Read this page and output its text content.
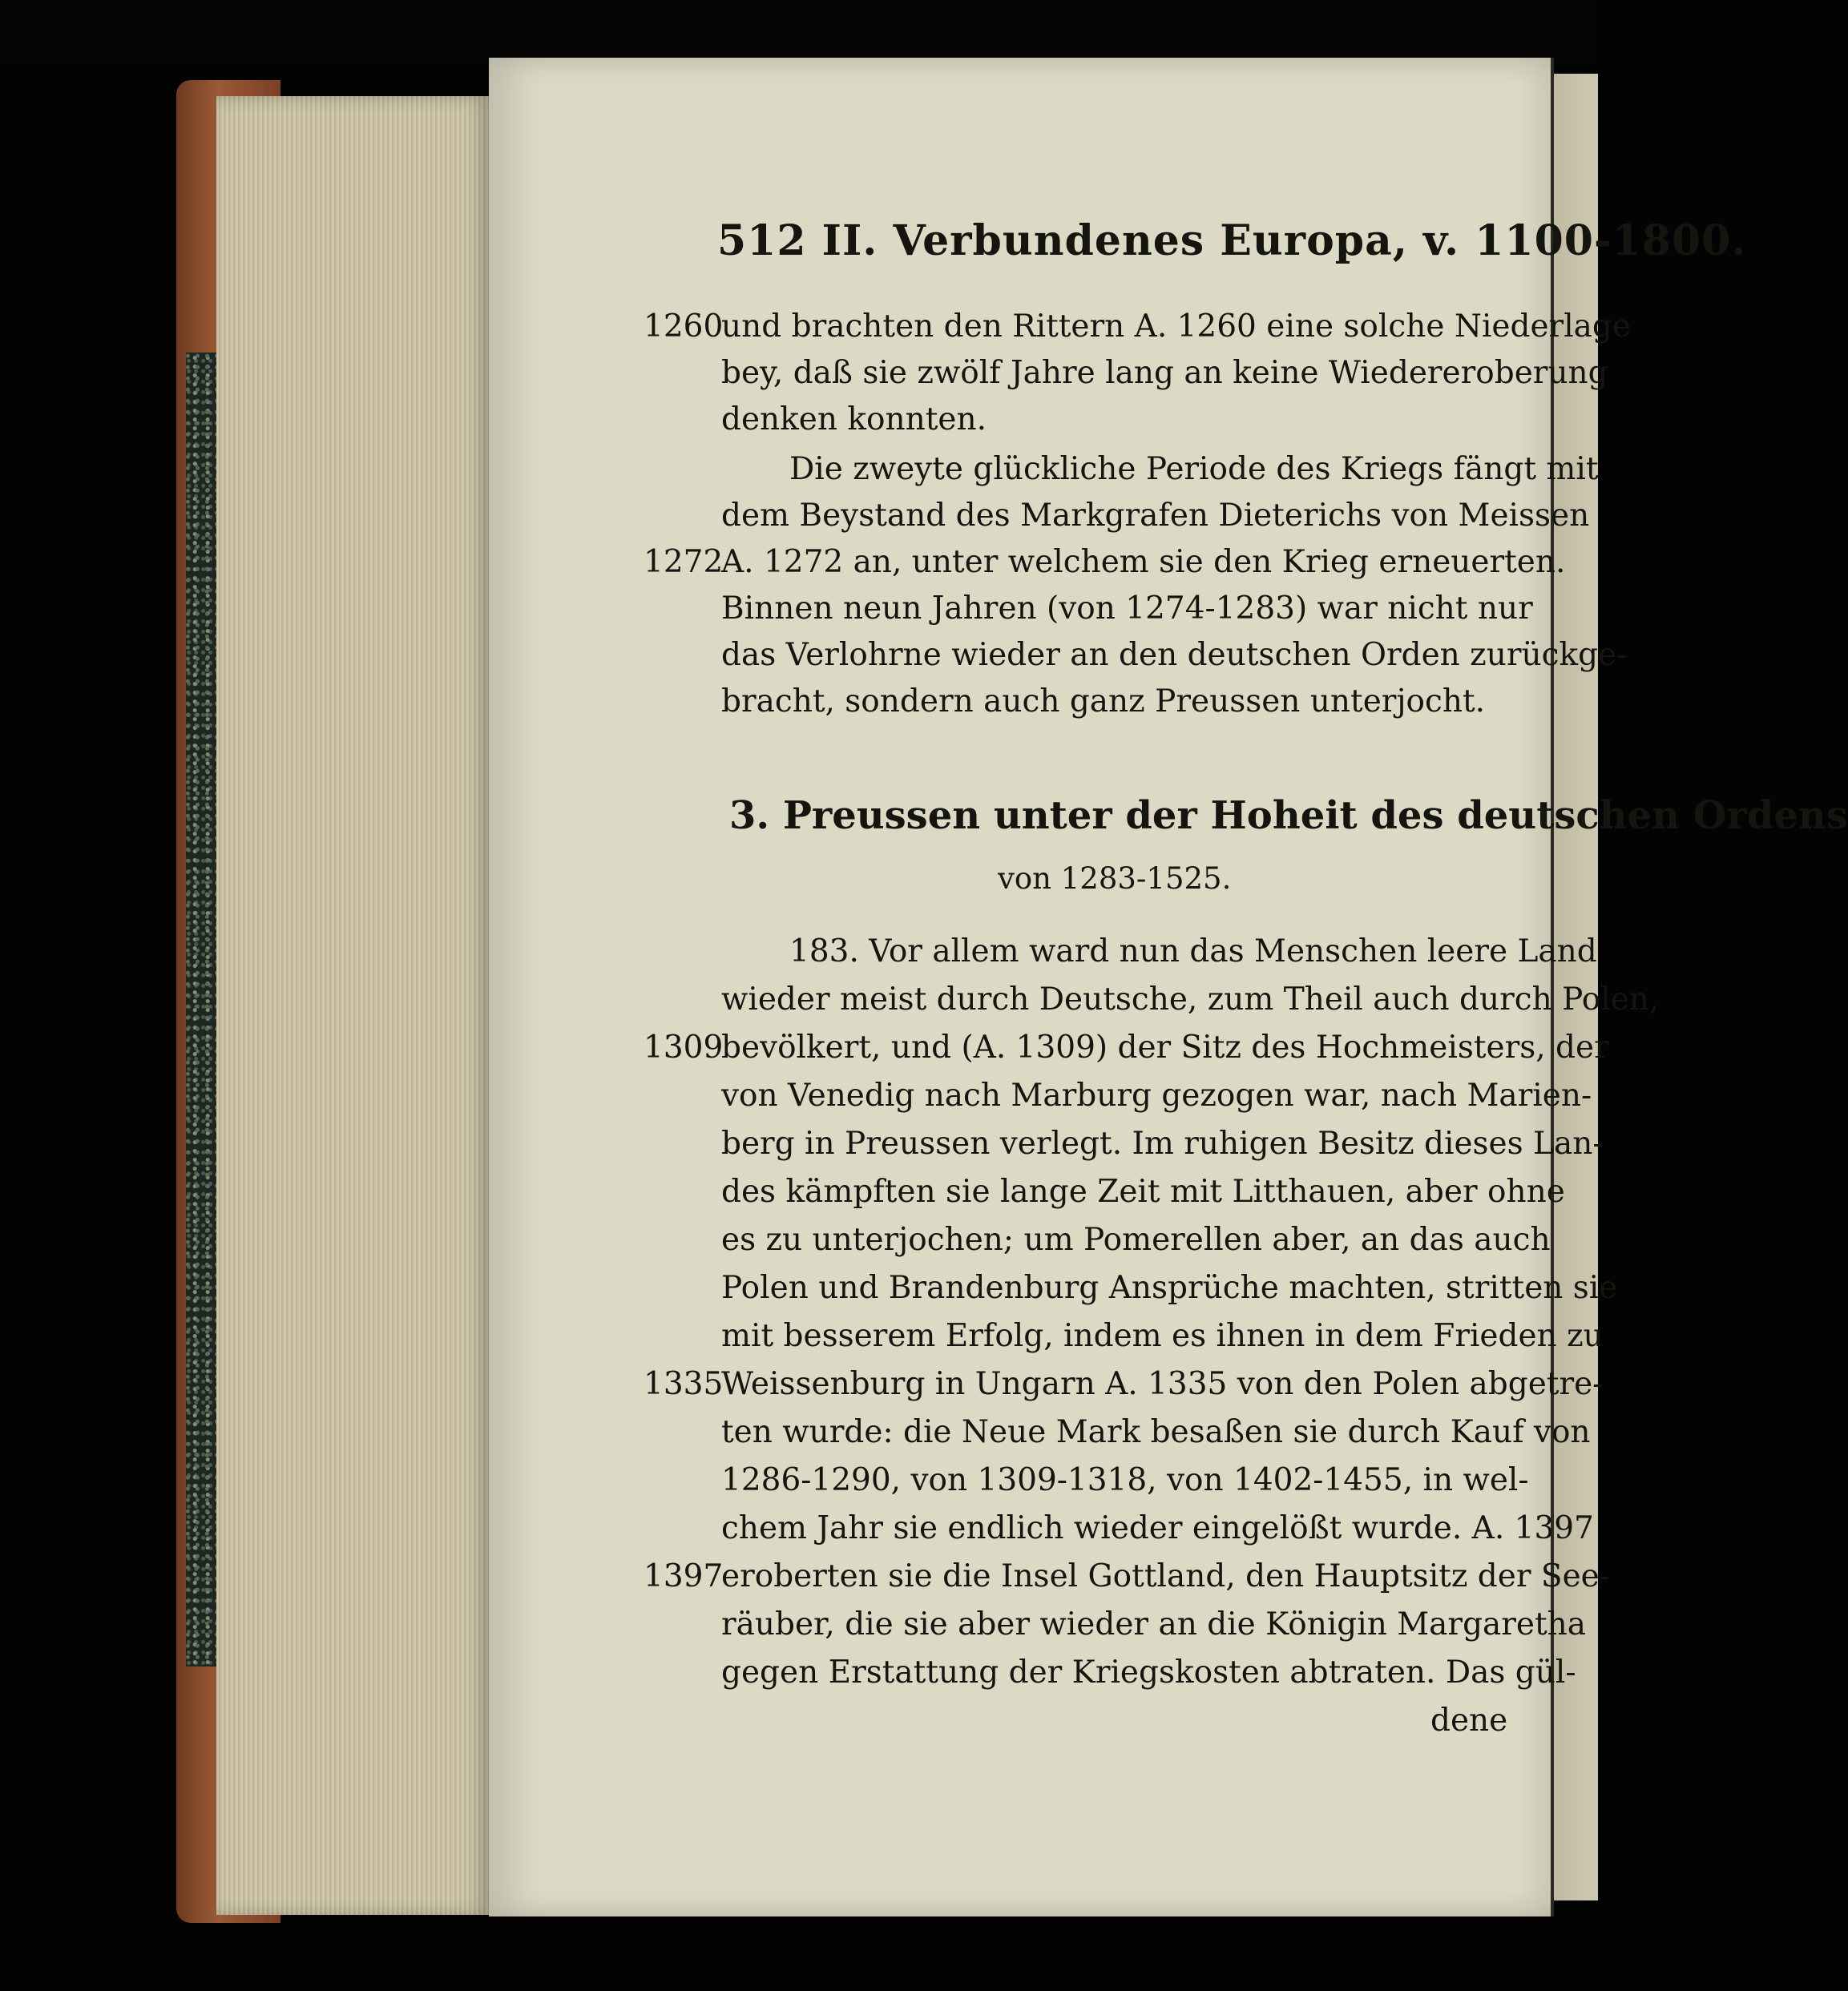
512 II. Verbundenes Europa, v. 1100-1800.
1260
und brachten den Rittern A. 1260 eine solche Niederlage
bey, daß sie zwölf Jahre lang an keine Wiedereroberung
denken konnten.
Die zweyte glückliche Periode des Kriegs fängt mit
dem Beystand des Markgrafen Dieterichs von Meissen
1272
A. 1272 an, unter welchem sie den Krieg erneuerten.
Binnen neun Jahren (von 1274-1283) war nicht nur
das Verlohrne wieder an den deutschen Orden zurückge-
bracht, sondern auch ganz Preussen unterjocht.
3. Preussen unter der Hoheit des deutschen Ordens
von 1283-1525.
183. Vor allem ward nun das Menschen leere Land
wieder meist durch Deutsche, zum Theil auch durch Polen,
1309
bevölkert, und (A. 1309) der Sitz des Hochmeisters, der
von Venedig nach Marburg gezogen war, nach Marien-
berg in Preussen verlegt. Im ruhigen Besitz dieses Lan-
des kämpften sie lange Zeit mit Litthauen, aber ohne
es zu unterjochen; um Pomerellen aber, an das auch
Polen und Brandenburg Ansprüche machten, stritten sie
mit besserem Erfolg, indem es ihnen in dem Frieden zu
1335
Weissenburg in Ungarn A. 1335 von den Polen abgetre-
ten wurde: die Neue Mark besaßen sie durch Kauf von
1286-1290, von 1309-1318, von 1402-1455, in wel-
chem Jahr sie endlich wieder eingelößt wurde. A. 1397
1397
eroberten sie die Insel Gottland, den Hauptsitz der See-
räuber, die sie aber wieder an die Königin Margaretha
gegen Erstattung der Kriegskosten abtraten. Das gül-
dene
